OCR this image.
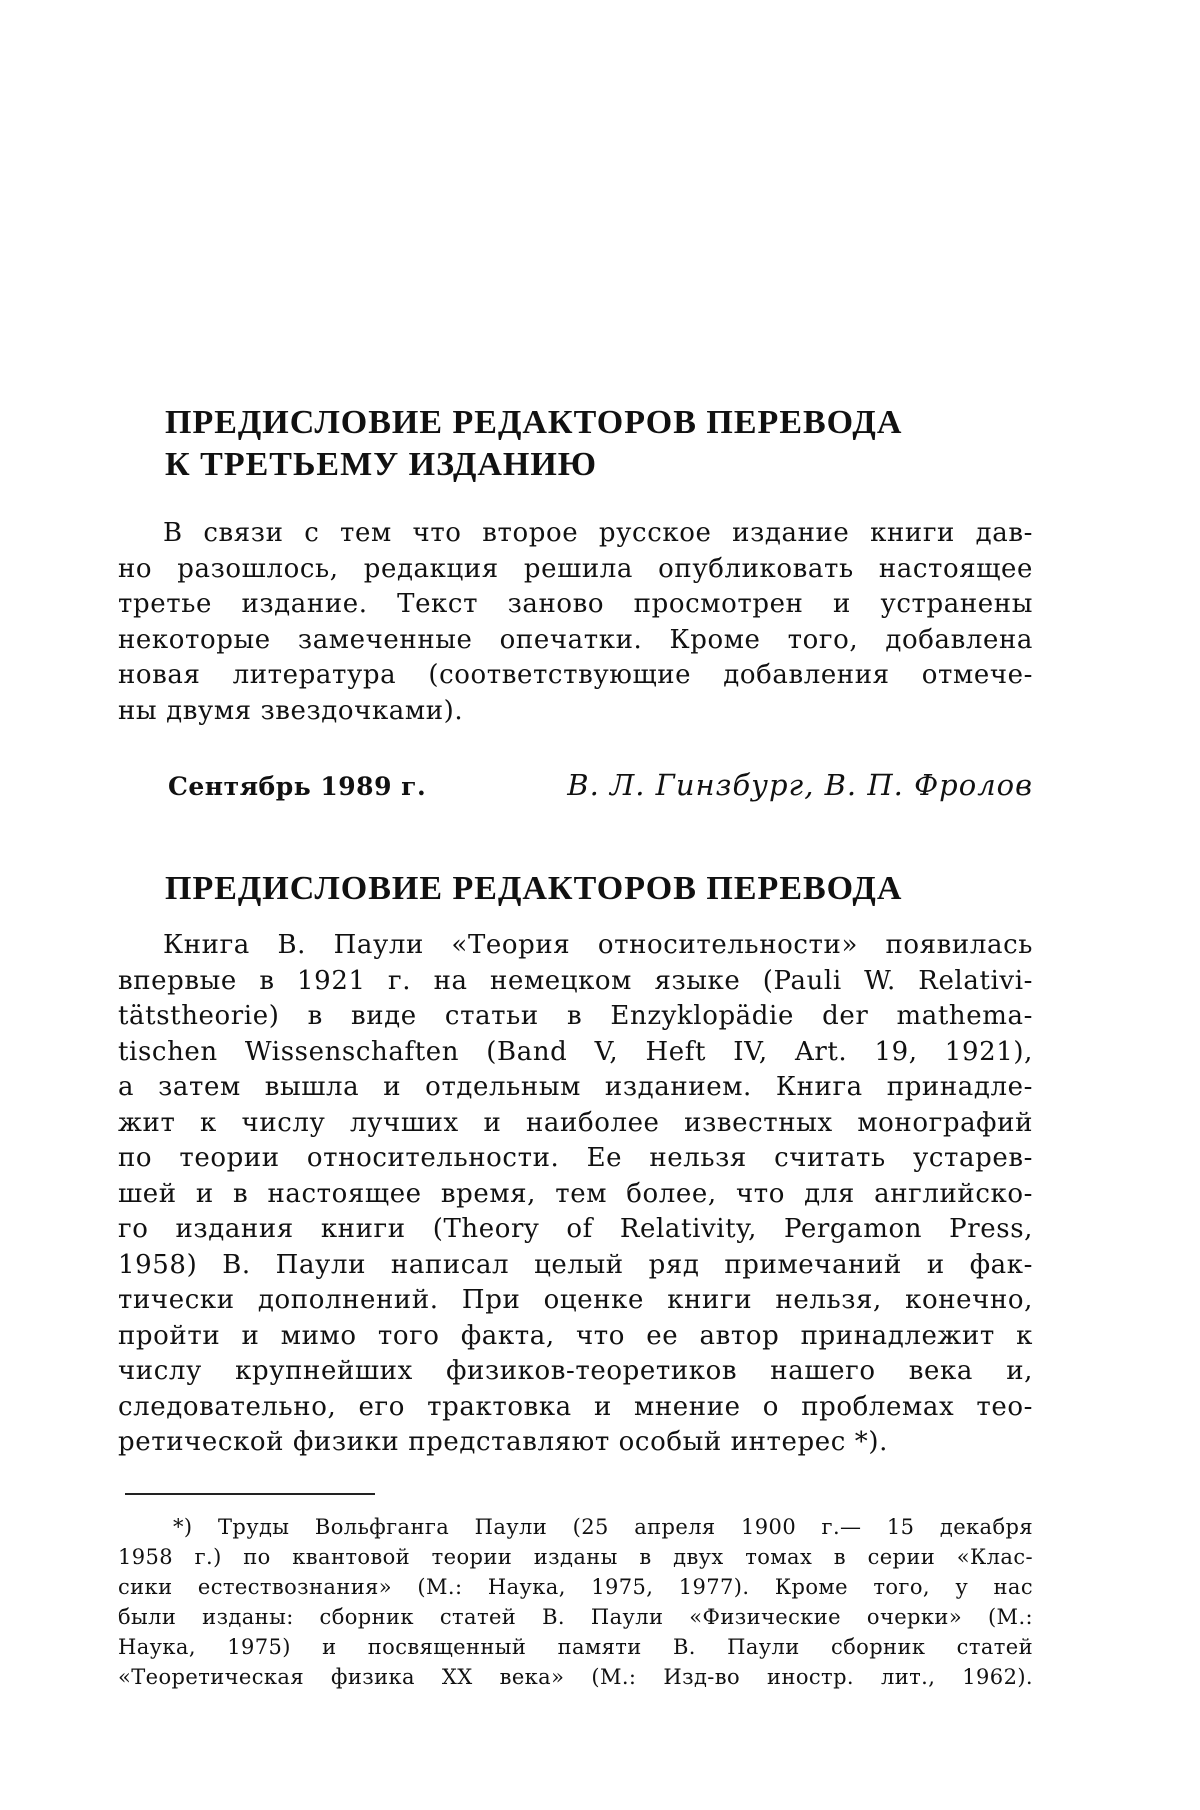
ПРЕДИСЛОВИЕ РЕДАКТОРОВ ПЕРЕВОДА
К ТРЕТЬЕМУ ИЗДАНИЮ

В связи с тем что второе русское издание книги дав-
но разошлось, редакция решила опубликовать настоящее
третье издание. Текст заново просмотрен и устранены
некоторые замеченные опечатки. Кроме того, добавлена
новая литература (соответствующие добавления отмече-
ны двумя звездочками).

Сентябрь 1989 г.	В. Л. Гинзбург, В. П. Фролов
ПРЕДИСЛОВИЕ РЕДАКТОРОВ ПЕРЕВОДА

Книга В. Паули «Теория относительности» появилась
впервые в 1921 г. на немецком языке (Pauli W. Relativi-
tätstheorie) в виде статьи в Enzyklopädie der mathema-
tischen Wissenschaften (Band V, Heft IV, Art. 19, 1921),
а затем вышла и отдельным изданием. Книга принадле-
жит к числу лучших и наиболее известных монографий
по теории относительности. Ее нельзя считать устарев-
шей и в настоящее время, тем более, что для английско-
го издания книги (Theory of Relativity, Pergamon Press,
1958) В. Паули написал целый ряд примечаний и фак-
тически дополнений. При оценке книги нельзя, конечно,
пройти и мимо того факта, что ее автор принадлежит к
числу крупнейших физиков-теоретиков нашего века и,
следовательно, его трактовка и мнение о проблемах тео-
ретической физики представляют особый интерес *).

*) Труды Вольфганга Паули (25 апреля 1900 г.— 15 декабря
1958 г.) по квантовой теории изданы в двух томах в серии «Клас-
сики естествознания» (М.: Наука, 1975, 1977). Кроме того, у нас
были изданы: сборник статей В. Паули «Физические очерки» (М.:
Наука, 1975) и посвященный памяти В. Паули сборник статей
«Теоретическая физика XX века» (М.: Изд-во иностр. лит., 1962).
